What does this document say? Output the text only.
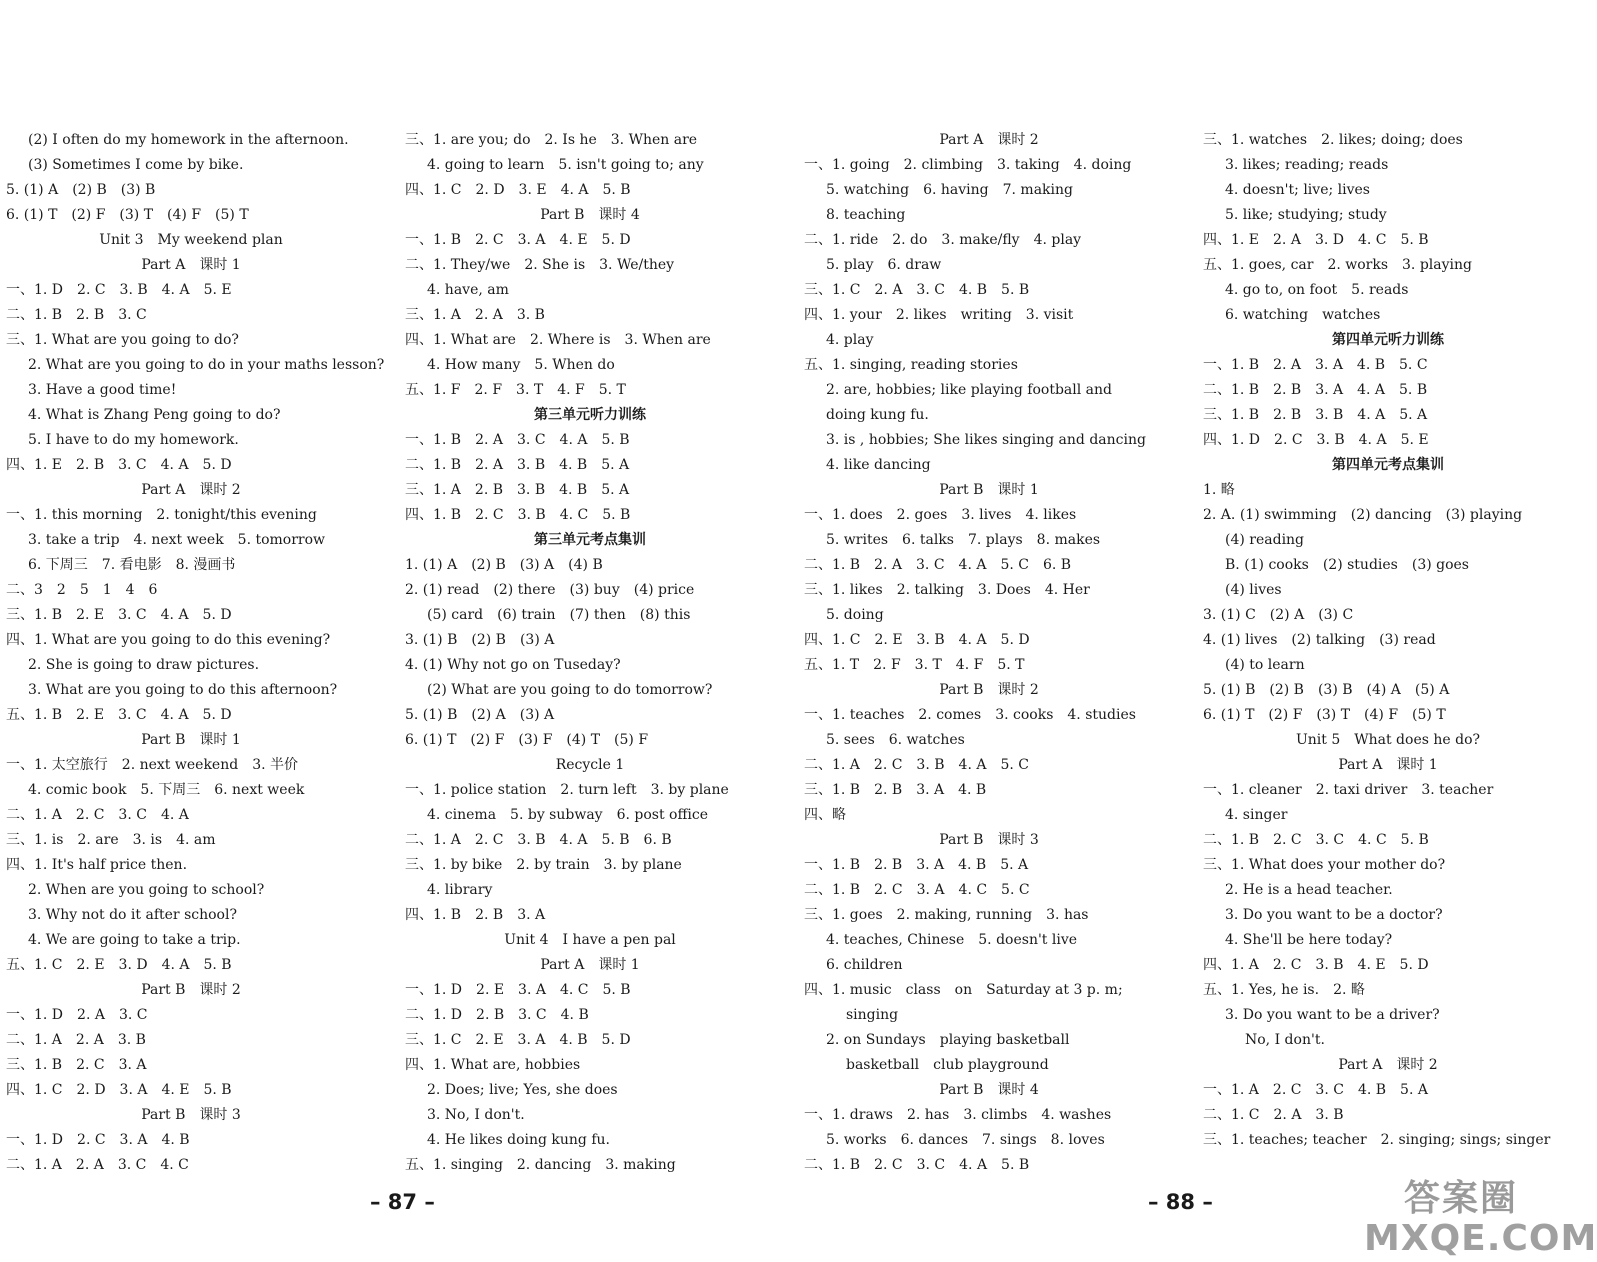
(2) I often do my homework in the afternoon.
(3) Sometimes I come by bike.
5. (1) A　(2) B　(3) B
6. (1) T　(2) F　(3) T　(4) F　(5) T
Unit 3　My weekend plan
Part A　课时 1
一、1. D　2. C　3. B　4. A　5. E
二、1. B　2. B　3. C
三、1. What are you going to do?
2. What are you going to do in your maths lesson?
3. Have a good time!
4. What is Zhang Peng going to do?
5. I have to do my homework.
四、1. E　2. B　3. C　4. A　5. D
Part A　课时 2
一、1. this morning　2. tonight/this evening
3. take a trip　4. next week　5. tomorrow
6. 下周三　7. 看电影　8. 漫画书
二、3　2　5　1　4　6
三、1. B　2. E　3. C　4. A　5. D
四、1. What are you going to do this evening?
2. She is going to draw pictures.
3. What are you going to do this afternoon?
五、1. B　2. E　3. C　4. A　5. D
Part B　课时 1
一、1. 太空旅行　2. next weekend　3. 半价
4. comic book　5. 下周三　6. next week
二、1. A　2. C　3. C　4. A
三、1. is　2. are　3. is　4. am
四、1. It's half price then.
2. When are you going to school?
3. Why not do it after school?
4. We are going to take a trip.
五、1. C　2. E　3. D　4. A　5. B
Part B　课时 2
一、1. D　2. A　3. C
二、1. A　2. A　3. B
三、1. B　2. C　3. A
四、1. C　2. D　3. A　4. E　5. B
Part B　课时 3
一、1. D　2. C　3. A　4. B
二、1. A　2. A　3. C　4. C
三、1. are you; do　2. Is he　3. When are
4. going to learn　5. isn't going to; any
四、1. C　2. D　3. E　4. A　5. B
Part B　课时 4
一、1. B　2. C　3. A　4. E　5. D
二、1. They/we　2. She is　3. We/they
4. have, am
三、1. A　2. A　3. B
四、1. What are　2. Where is　3. When are
4. How many　5. When do
五、1. F　2. F　3. T　4. F　5. T
第三单元听力训练
一、1. B　2. A　3. C　4. A　5. B
二、1. B　2. A　3. B　4. B　5. A
三、1. A　2. B　3. B　4. B　5. A
四、1. B　2. C　3. B　4. C　5. B
第三单元考点集训
1. (1) A　(2) B　(3) A　(4) B
2. (1) read　(2) there　(3) buy　(4) price
(5) card　(6) train　(7) then　(8) this
3. (1) B　(2) B　(3) A
4. (1) Why not go on Tuseday?
(2) What are you going to do tomorrow?
5. (1) B　(2) A　(3) A
6. (1) T　(2) F　(3) F　(4) T　(5) F
Recycle 1
一、1. police station　2. turn left　3. by plane
4. cinema　5. by subway　6. post office
二、1. A　2. C　3. B　4. A　5. B　6. B
三、1. by bike　2. by train　3. by plane
4. library
四、1. B　2. B　3. A
Unit 4　I have a pen pal
Part A　课时 1
一、1. D　2. E　3. A　4. C　5. B
二、1. D　2. B　3. C　4. B
三、1. C　2. E　3. A　4. B　5. D
四、1. What are, hobbies
2. Does; live; Yes, she does
3. No, I don't.
4. He likes doing kung fu.
五、1. singing　2. dancing　3. making
Part A　课时 2
一、1. going　2. climbing　3. taking　4. doing
5. watching　6. having　7. making
8. teaching
二、1. ride　2. do　3. make/fly　4. play
5. play　6. draw
三、1. C　2. A　3. C　4. B　5. B
四、1. your　2. likes　writing　3. visit
4. play
五、1. singing, reading stories
2. are, hobbies; like playing football and
doing kung fu.
3. is , hobbies; She likes singing and dancing
4. like dancing
Part B　课时 1
一、1. does　2. goes　3. lives　4. likes
5. writes　6. talks　7. plays　8. makes
二、1. B　2. A　3. C　4. A　5. C　6. B
三、1. likes　2. talking　3. Does　4. Her
5. doing
四、1. C　2. E　3. B　4. A　5. D
五、1. T　2. F　3. T　4. F　5. T
Part B　课时 2
一、1. teaches　2. comes　3. cooks　4. studies
5. sees　6. watches
二、1. A　2. C　3. B　4. A　5. C
三、1. B　2. B　3. A　4. B
四、略
Part B　课时 3
一、1. B　2. B　3. A　4. B　5. A
二、1. B　2. C　3. A　4. C　5. C
三、1. goes　2. making, running　3. has
4. teaches, Chinese　5. doesn't live
6. children
四、1. music　class　on　Saturday at 3 p. m;
singing
2. on Sundays　playing basketball
basketball　club playground
Part B　课时 4
一、1. draws　2. has　3. climbs　4. washes
5. works　6. dances　7. sings　8. loves
二、1. B　2. C　3. C　4. A　5. B
三、1. watches　2. likes; doing; does
3. likes; reading; reads
4. doesn't; live; lives
5. like; studying; study
四、1. E　2. A　3. D　4. C　5. B
五、1. goes, car　2. works　3. playing
4. go to, on foot　5. reads
6. watching　watches
第四单元听力训练
一、1. B　2. A　3. A　4. B　5. C
二、1. B　2. B　3. A　4. A　5. B
三、1. B　2. B　3. B　4. A　5. A
四、1. D　2. C　3. B　4. A　5. E
第四单元考点集训
1. 略
2. A. (1) swimming　(2) dancing　(3) playing
(4) reading
B. (1) cooks　(2) studies　(3) goes
(4) lives
3. (1) C　(2) A　(3) C
4. (1) lives　(2) talking　(3) read
(4) to learn
5. (1) B　(2) B　(3) B　(4) A　(5) A
6. (1) T　(2) F　(3) T　(4) F　(5) T
Unit 5　What does he do?
Part A　课时 1
一、1. cleaner　2. taxi driver　3. teacher
4. singer
二、1. B　2. C　3. C　4. C　5. B
三、1. What does your mother do?
2. He is a head teacher.
3. Do you want to be a doctor?
4. She'll be here today?
四、1. A　2. C　3. B　4. E　5. D
五、1. Yes, he is.　2. 略
3. Do you want to be a driver?
No, I don't.
Part A　课时 2
一、1. A　2. C　3. C　4. B　5. A
二、1. C　2. A　3. B
三、1. teaches; teacher　2. singing; sings; singer
– 87 –	– 88 –	答案圈
MXQE.COM
